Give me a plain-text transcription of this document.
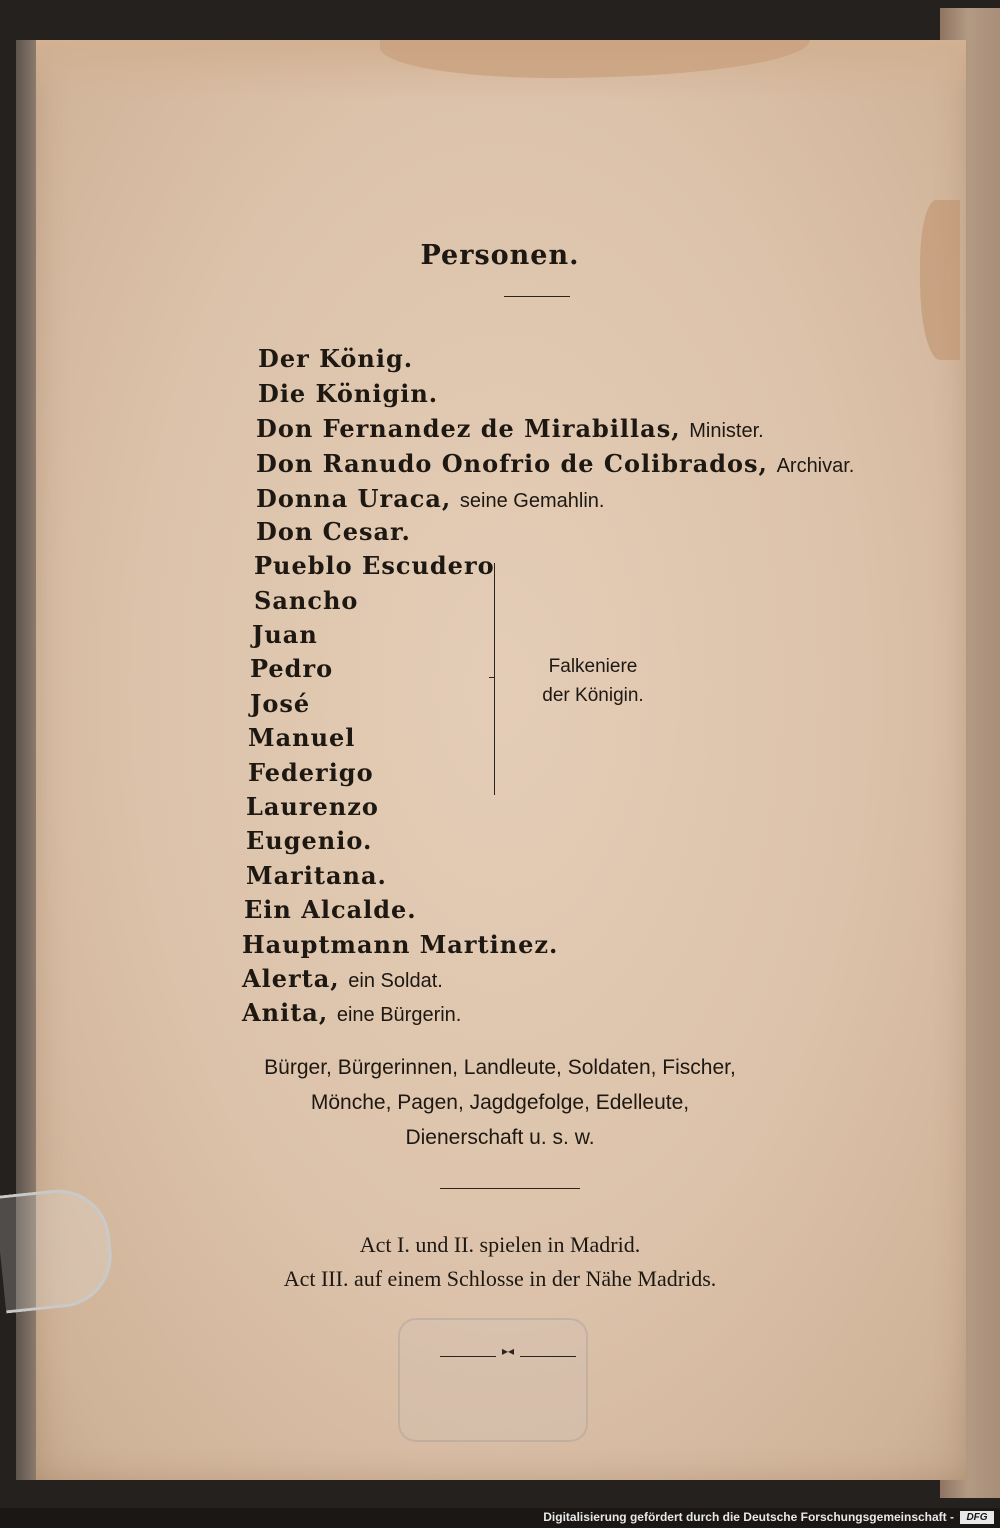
Personen.
Der König.
Die Königin.
Don Fernandez de Mirabillas, Minister.
Don Ranudo Onofrio de Colibrados, Archivar.
Donna Uraca, seine Gemahlin.
Don Cesar.
Pueblo Escudero
Sancho
Juan
Pedro
José
Manuel
Federigo
Laurenzo
Eugenio.
Maritana.
Ein Alcalde.
Hauptmann Martinez.
Alerta, ein Soldat.
Anita, eine Bürgerin.
Falkeniere
der Königin.
Bürger, Bürgerinnen, Landleute, Soldaten, Fischer,
Mönche, Pagen, Jagdgefolge, Edelleute,
Dienerschaft u. s. w.
Act I. und II. spielen in Madrid.
Act III. auf einem Schlosse in der Nähe Madrids.
▸◂
Digitalisierung gefördert durch die Deutsche Forschungsgemeinschaft -	DFG
